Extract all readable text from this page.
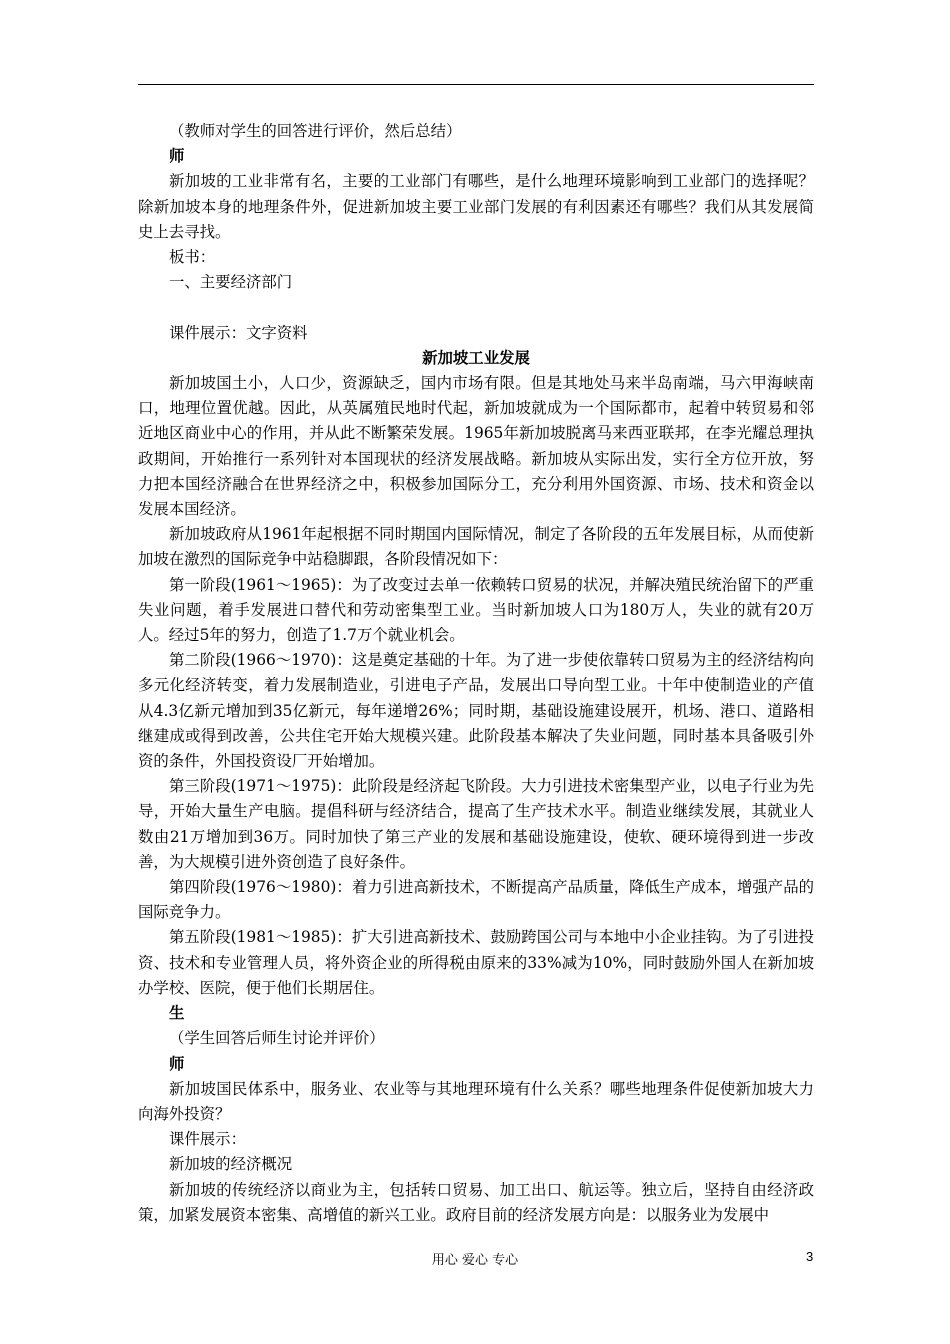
（教师对学生的回答进行评价，然后总结）

师

新加坡的工业非常有名，主要的工业部门有哪些，是什么地理环境影响到工业部门的选择呢？除新加坡本身的地理条件外，促进新加坡主要工业部门发展的有利因素还有哪些？我们从其发展简史上去寻找。

板书：

一、主要经济部门

课件展示：文字资料

新加坡工业发展

新加坡国土小，人口少，资源缺乏，国内市场有限。但是其地处马来半岛南端，马六甲海峡南口，地理位置优越。因此，从英属殖民地时代起，新加坡就成为一个国际都市，起着中转贸易和邻近地区商业中心的作用，并从此不断繁荣发展。1965年新加坡脱离马来西亚联邦，在李光耀总理执政期间，开始推行一系列针对本国现状的经济发展战略。新加坡从实际出发，实行全方位开放，努力把本国经济融合在世界经济之中，积极参加国际分工，充分利用外国资源、市场、技术和资金以发展本国经济。

新加坡政府从1961年起根据不同时期国内国际情况，制定了各阶段的五年发展目标，从而使新加坡在激烈的国际竞争中站稳脚跟，各阶段情况如下：

第一阶段(1961～1965)：为了改变过去单一依赖转口贸易的状况，并解决殖民统治留下的严重失业问题，着手发展进口替代和劳动密集型工业。当时新加坡人口为180万人，失业的就有20万人。经过5年的努力，创造了1.7万个就业机会。

第二阶段(1966～1970)：这是奠定基础的十年。为了进一步使依靠转口贸易为主的经济结构向多元化经济转变，着力发展制造业，引进电子产品，发展出口导向型工业。十年中使制造业的产值从4.3亿新元增加到35亿新元，每年递增26%；同时期，基础设施建设展开，机场、港口、道路相继建成或得到改善，公共住宅开始大规模兴建。此阶段基本解决了失业问题，同时基本具备吸引外资的条件，外国投资设厂开始增加。

第三阶段(1971～1975)：此阶段是经济起飞阶段。大力引进技术密集型产业，以电子行业为先导，开始大量生产电脑。提倡科研与经济结合，提高了生产技术水平。制造业继续发展，其就业人数由21万增加到36万。同时加快了第三产业的发展和基础设施建设，使软、硬环境得到进一步改善，为大规模引进外资创造了良好条件。

第四阶段(1976～1980)：着力引进高新技术，不断提高产品质量，降低生产成本，增强产品的国际竞争力。

第五阶段(1981～1985)：扩大引进高新技术、鼓励跨国公司与本地中小企业挂钩。为了引进投资、技术和专业管理人员，将外资企业的所得税由原来的33%减为10%，同时鼓励外国人在新加坡办学校、医院，便于他们长期居住。

生

（学生回答后师生讨论并评价）

师

新加坡国民体系中，服务业、农业等与其地理环境有什么关系？哪些地理条件促使新加坡大力向海外投资？

课件展示：

新加坡的经济概况

新加坡的传统经济以商业为主，包括转口贸易、加工出口、航运等。独立后，坚持自由经济政策，加紧发展资本密集、高增值的新兴工业。政府目前的经济发展方向是：以服务业为发展中

用心 爱心 专心	3
